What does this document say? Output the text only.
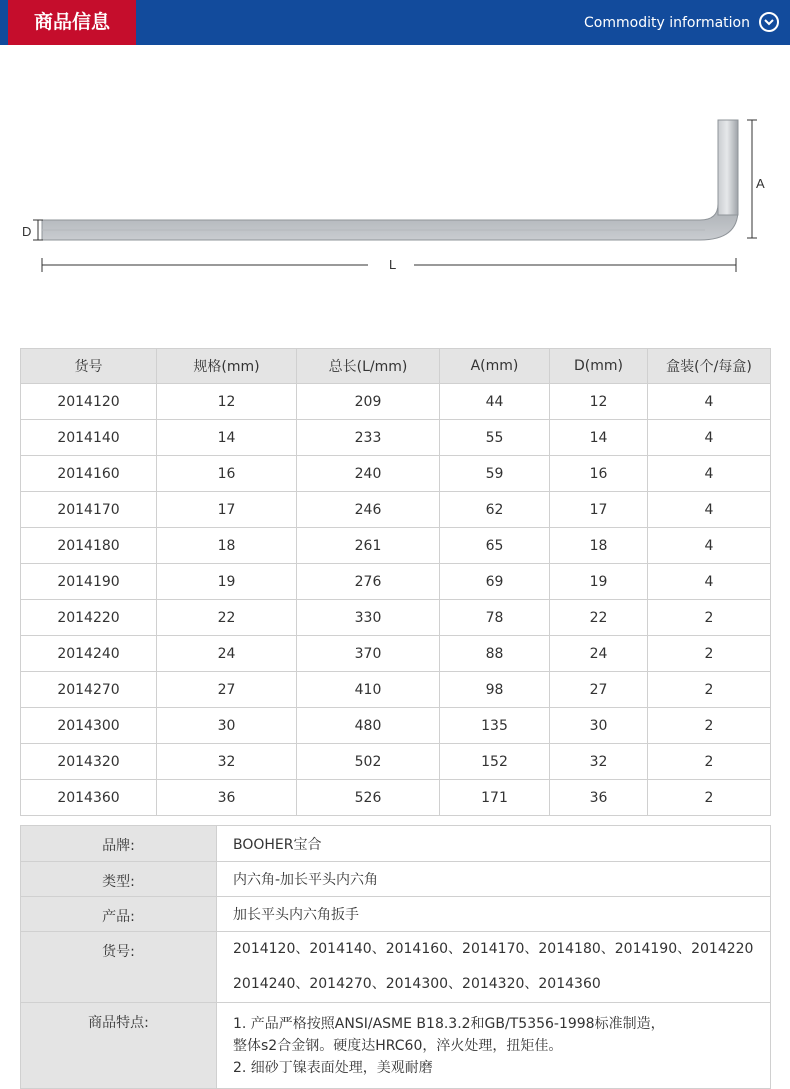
商品信息	Commodity information
D
A
L
货号	规格(mm)	总长(L/mm)	A(mm)	D(mm)	盒装(个/每盒)
2014120	12	209	44	12	4
2014140	14	233	55	14	4
2014160	16	240	59	16	4
2014170	17	246	62	17	4
2014180	18	261	65	18	4
2014190	19	276	69	19	4
2014220	22	330	78	22	2
2014240	24	370	88	24	2
2014270	27	410	98	27	2
2014300	30	480	135	30	2
2014320	32	502	152	32	2
2014360	36	526	171	36	2
品牌:	BOOHER宝合
类型:	内六角-加长平头内六角
产品:	加长平头内六角扳手
货号:	2014120、2014140、2014160、2014170、2014180、2014190、2014220
2014240、2014270、2014300、2014320、2014360

商品特点:	1. 产品严格按照ANSI/ASME B18.3.2和GB/T5356-1998标准制造，
整体s2合金钢。硬度达HRC60，淬火处理，扭矩佳。
2. 细砂丁镍表面处理，美观耐磨
